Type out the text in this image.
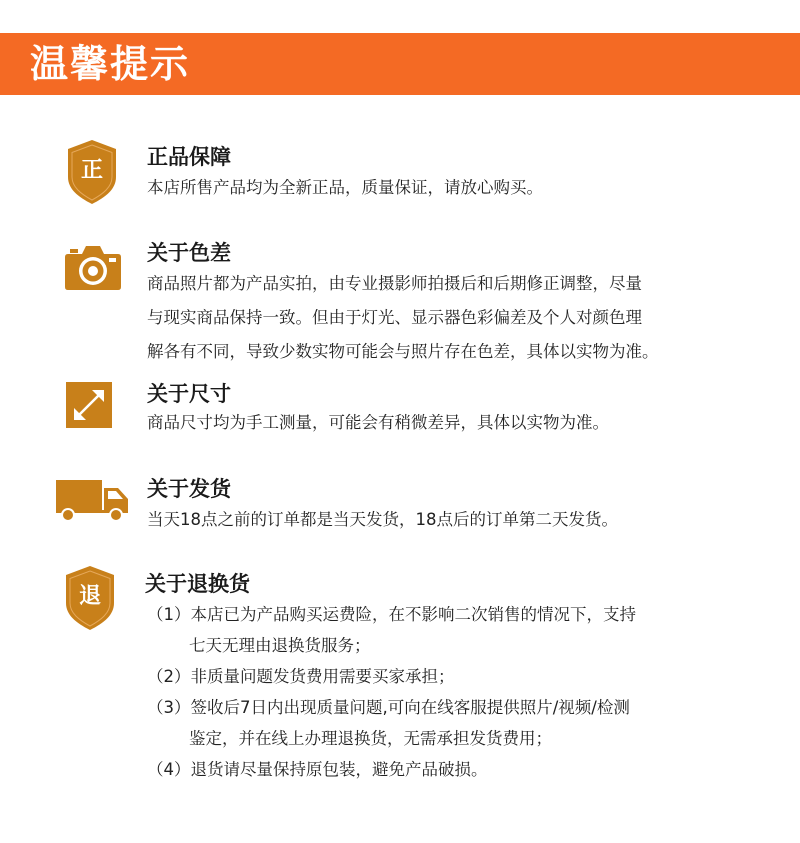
温馨提示
正
正品保障
本店所售产品均为全新正品，质量保证，请放心购买。
关于色差
商品照片都为产品实拍，由专业摄影师拍摄后和后期修正调整，尽量
与现实商品保持一致。但由于灯光、显示器色彩偏差及个人对颜色理
解各有不同，导致少数实物可能会与照片存在色差，具体以实物为准。
关于尺寸
商品尺寸均为手工测量，可能会有稍微差异，具体以实物为准。
关于发货
当天18点之前的订单都是当天发货，18点后的订单第二天发货。
退 关于退换货
（1）本店已为产品购买运费险，在不影响二次销售的情况下，支持
七天无理由退换货服务；
（2）非质量问题发货费用需要买家承担；
（3）签收后7日内出现质量问题,可向在线客服提供照片/视频/检测
鉴定，并在线上办理退换货，无需承担发货费用；
（4）退货请尽量保持原包装，避免产品破损。
